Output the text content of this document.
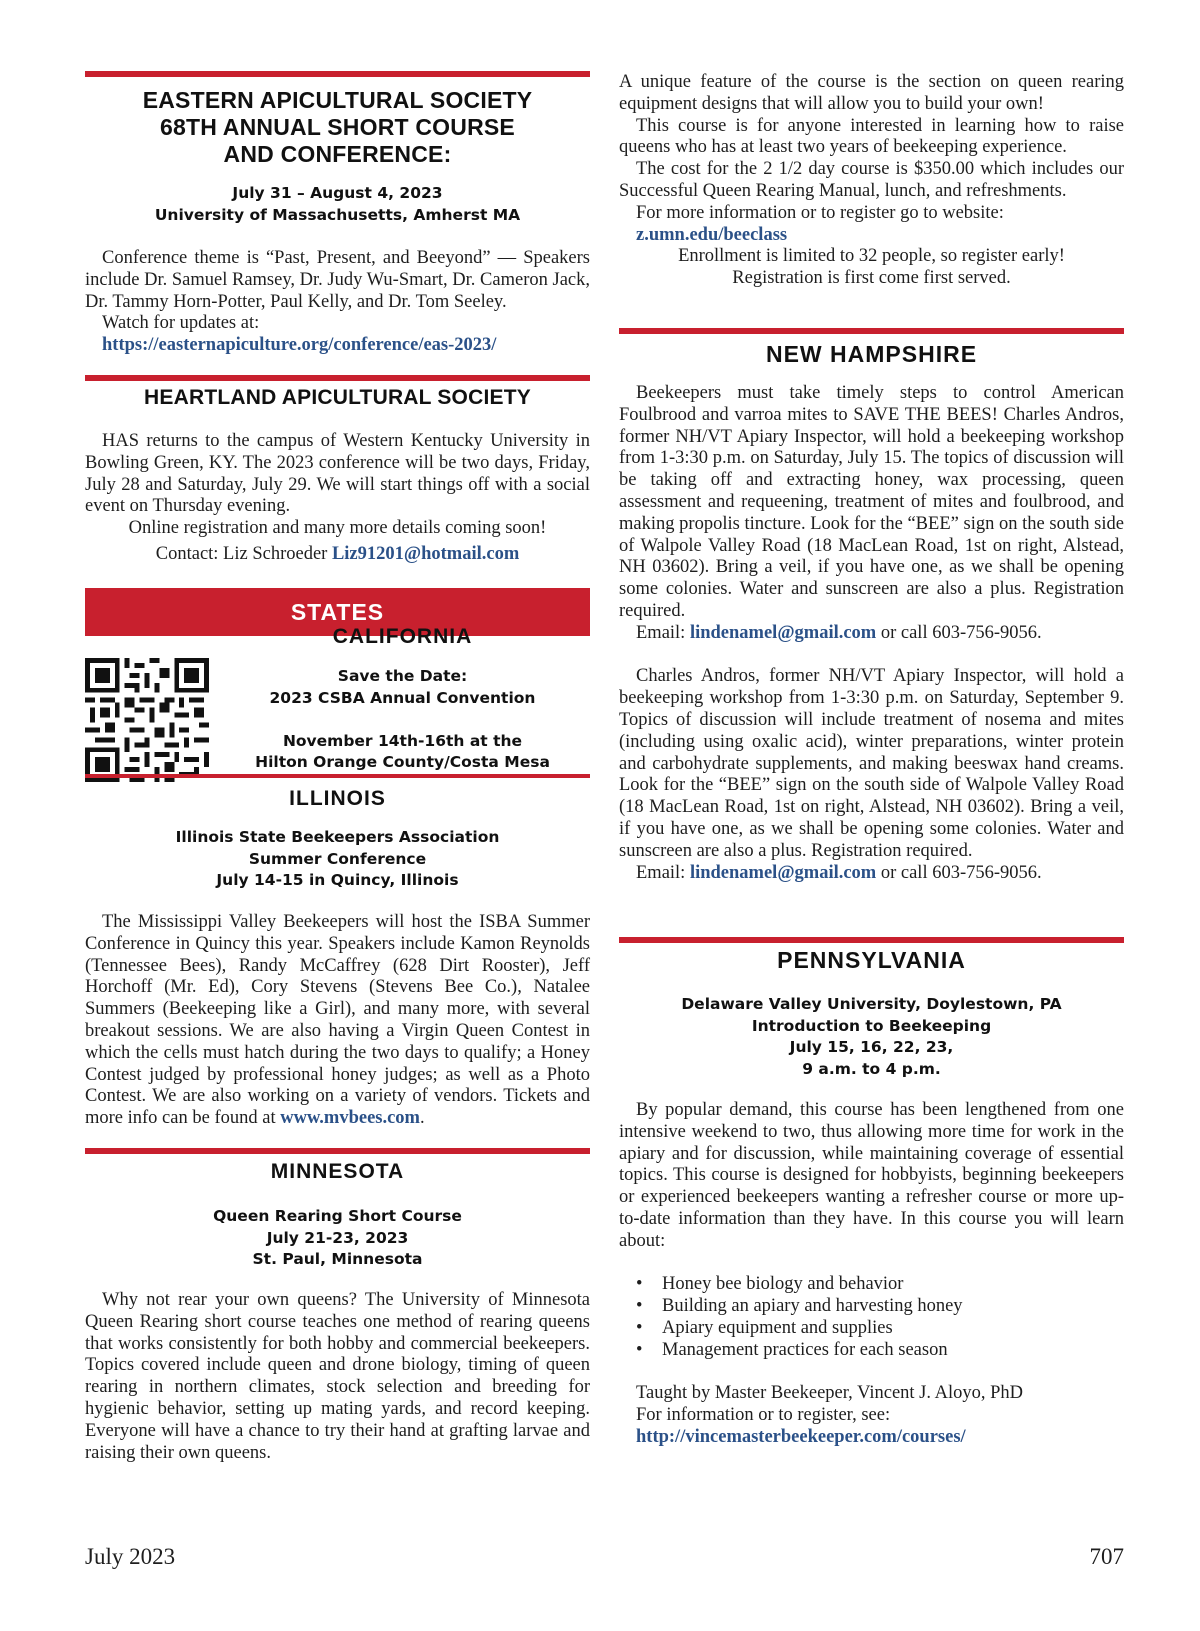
EASTERN APICULTURAL SOCIETY
68TH ANNUAL SHORT COURSE
AND CONFERENCE:
July 31 – August 4, 2023
University of Massachusetts, Amherst MA

Conference theme is “Past, Present, and Beeyond” — Speakers include Dr. Samuel Ramsey, Dr. Judy Wu-Smart, Dr. Cameron Jack, Dr. Tammy Horn-Potter, Paul Kelly, and Dr. Tom Seeley.

Watch for updates at:

https://easternapiculture.org/conference/eas-2023/

HEARTLAND APICULTURAL SOCIETY

HAS returns to the campus of Western Kentucky University in Bowling Green, KY. The 2023 conference will be two days, Friday, July 28 and Saturday, July 29. We will start things off with a social event on Thursday evening.

Online registration and many more details coming soon!

Contact: Liz Schroeder Liz91201@hotmail.com

STATES
CALIFORNIA
Save the Date:
2023 CSBA Annual Convention
November 14th-16th at the
Hilton Orange County/Costa Mesa
ILLINOIS
Illinois State Beekeepers Association
Summer Conference
July 14-15 in Quincy, Illinois

The Mississippi Valley Beekeepers will host the ISBA Summer Conference in Quincy this year. Speakers include Kamon Reynolds (Tennessee Bees), Randy McCaffrey (628 Dirt Rooster), Jeff Horchoff (Mr. Ed), Cory Stevens (Stevens Bee Co.), Natalee Summers (Beekeeping like a Girl), and many more, with several breakout sessions. We are also having a Virgin Queen Contest in which the cells must hatch during the two days to qualify; a Honey Contest judged by professional honey judges; as well as a Photo Contest. We are also working on a variety of vendors. Tickets and more info can be found at www.mvbees.com.

MINNESOTA
Queen Rearing Short Course
July 21-23, 2023
St. Paul, Minnesota

Why not rear your own queens? The University of Minnesota Queen Rearing short course teaches one method of rearing queens that works consistently for both hobby and commercial beekeepers. Topics covered include queen and drone biology, timing of queen rearing in northern climates, stock selection and breeding for hygienic behavior, setting up mating yards, and record keeping. Everyone will have a chance to try their hand at grafting larvae and raising their own queens.

July 2023

A unique feature of the course is the section on queen rearing equipment designs that will allow you to build your own!

This course is for anyone interested in learning how to raise queens who has at least two years of beekeeping experience.

The cost for the 2 1/2 day course is $350.00 which includes our Successful Queen Rearing Manual, lunch, and refreshments.

For more information or to register go to website:

z.umn.edu/beeclass

Enrollment is limited to 32 people, so register early!

Registration is first come first served.

NEW HAMPSHIRE

Beekeepers must take timely steps to control American Foulbrood and varroa mites to SAVE THE BEES! Charles Andros, former NH/VT Apiary Inspector, will hold a beekeeping workshop from 1-3:30 p.m. on Saturday, July 15. The topics of discussion will be taking off and extracting honey, wax processing, queen assessment and requeening, treatment of mites and foulbrood, and making propolis tincture. Look for the “BEE” sign on the south side of Walpole Valley Road (18 MacLean Road, 1st on right, Alstead, NH 03602). Bring a veil, if you have one, as we shall be opening some colonies. Water and sunscreen are also a plus. Registration required.

Email: lindenamel@gmail.com or call 603-756-9056.

Charles Andros, former NH/VT Apiary Inspector, will hold a beekeeping workshop from 1-3:30 p.m. on Saturday, September 9. Topics of discussion will include treatment of nosema and mites (including using oxalic acid), winter preparations, winter protein and carbohydrate supplements, and making beeswax hand creams. Look for the “BEE” sign on the south side of Walpole Valley Road (18 MacLean Road, 1st on right, Alstead, NH 03602). Bring a veil, if you have one, as we shall be opening some colonies. Water and sunscreen are also a plus. Registration required.

Email: lindenamel@gmail.com or call 603-756-9056.

PENNSYLVANIA
Delaware Valley University, Doylestown, PA
Introduction to Beekeeping
July 15, 16, 22, 23,
9 a.m. to 4 p.m.

By popular demand, this course has been lengthened from one intensive weekend to two, thus allowing more time for work in the apiary and for discussion, while maintaining coverage of essential topics. This course is designed for hobbyists, beginning beekeepers or experienced beekeepers wanting a refresher course or more up-to-date information than they have. In this course you will learn about:

• Honey bee biology and behavior
• Building an apiary and harvesting honey
• Apiary equipment and supplies
• Management practices for each season

Taught by Master Beekeeper, Vincent J. Aloyo, PhD

For information or to register, see:

http://vincemasterbeekeeper.com/courses/

707
